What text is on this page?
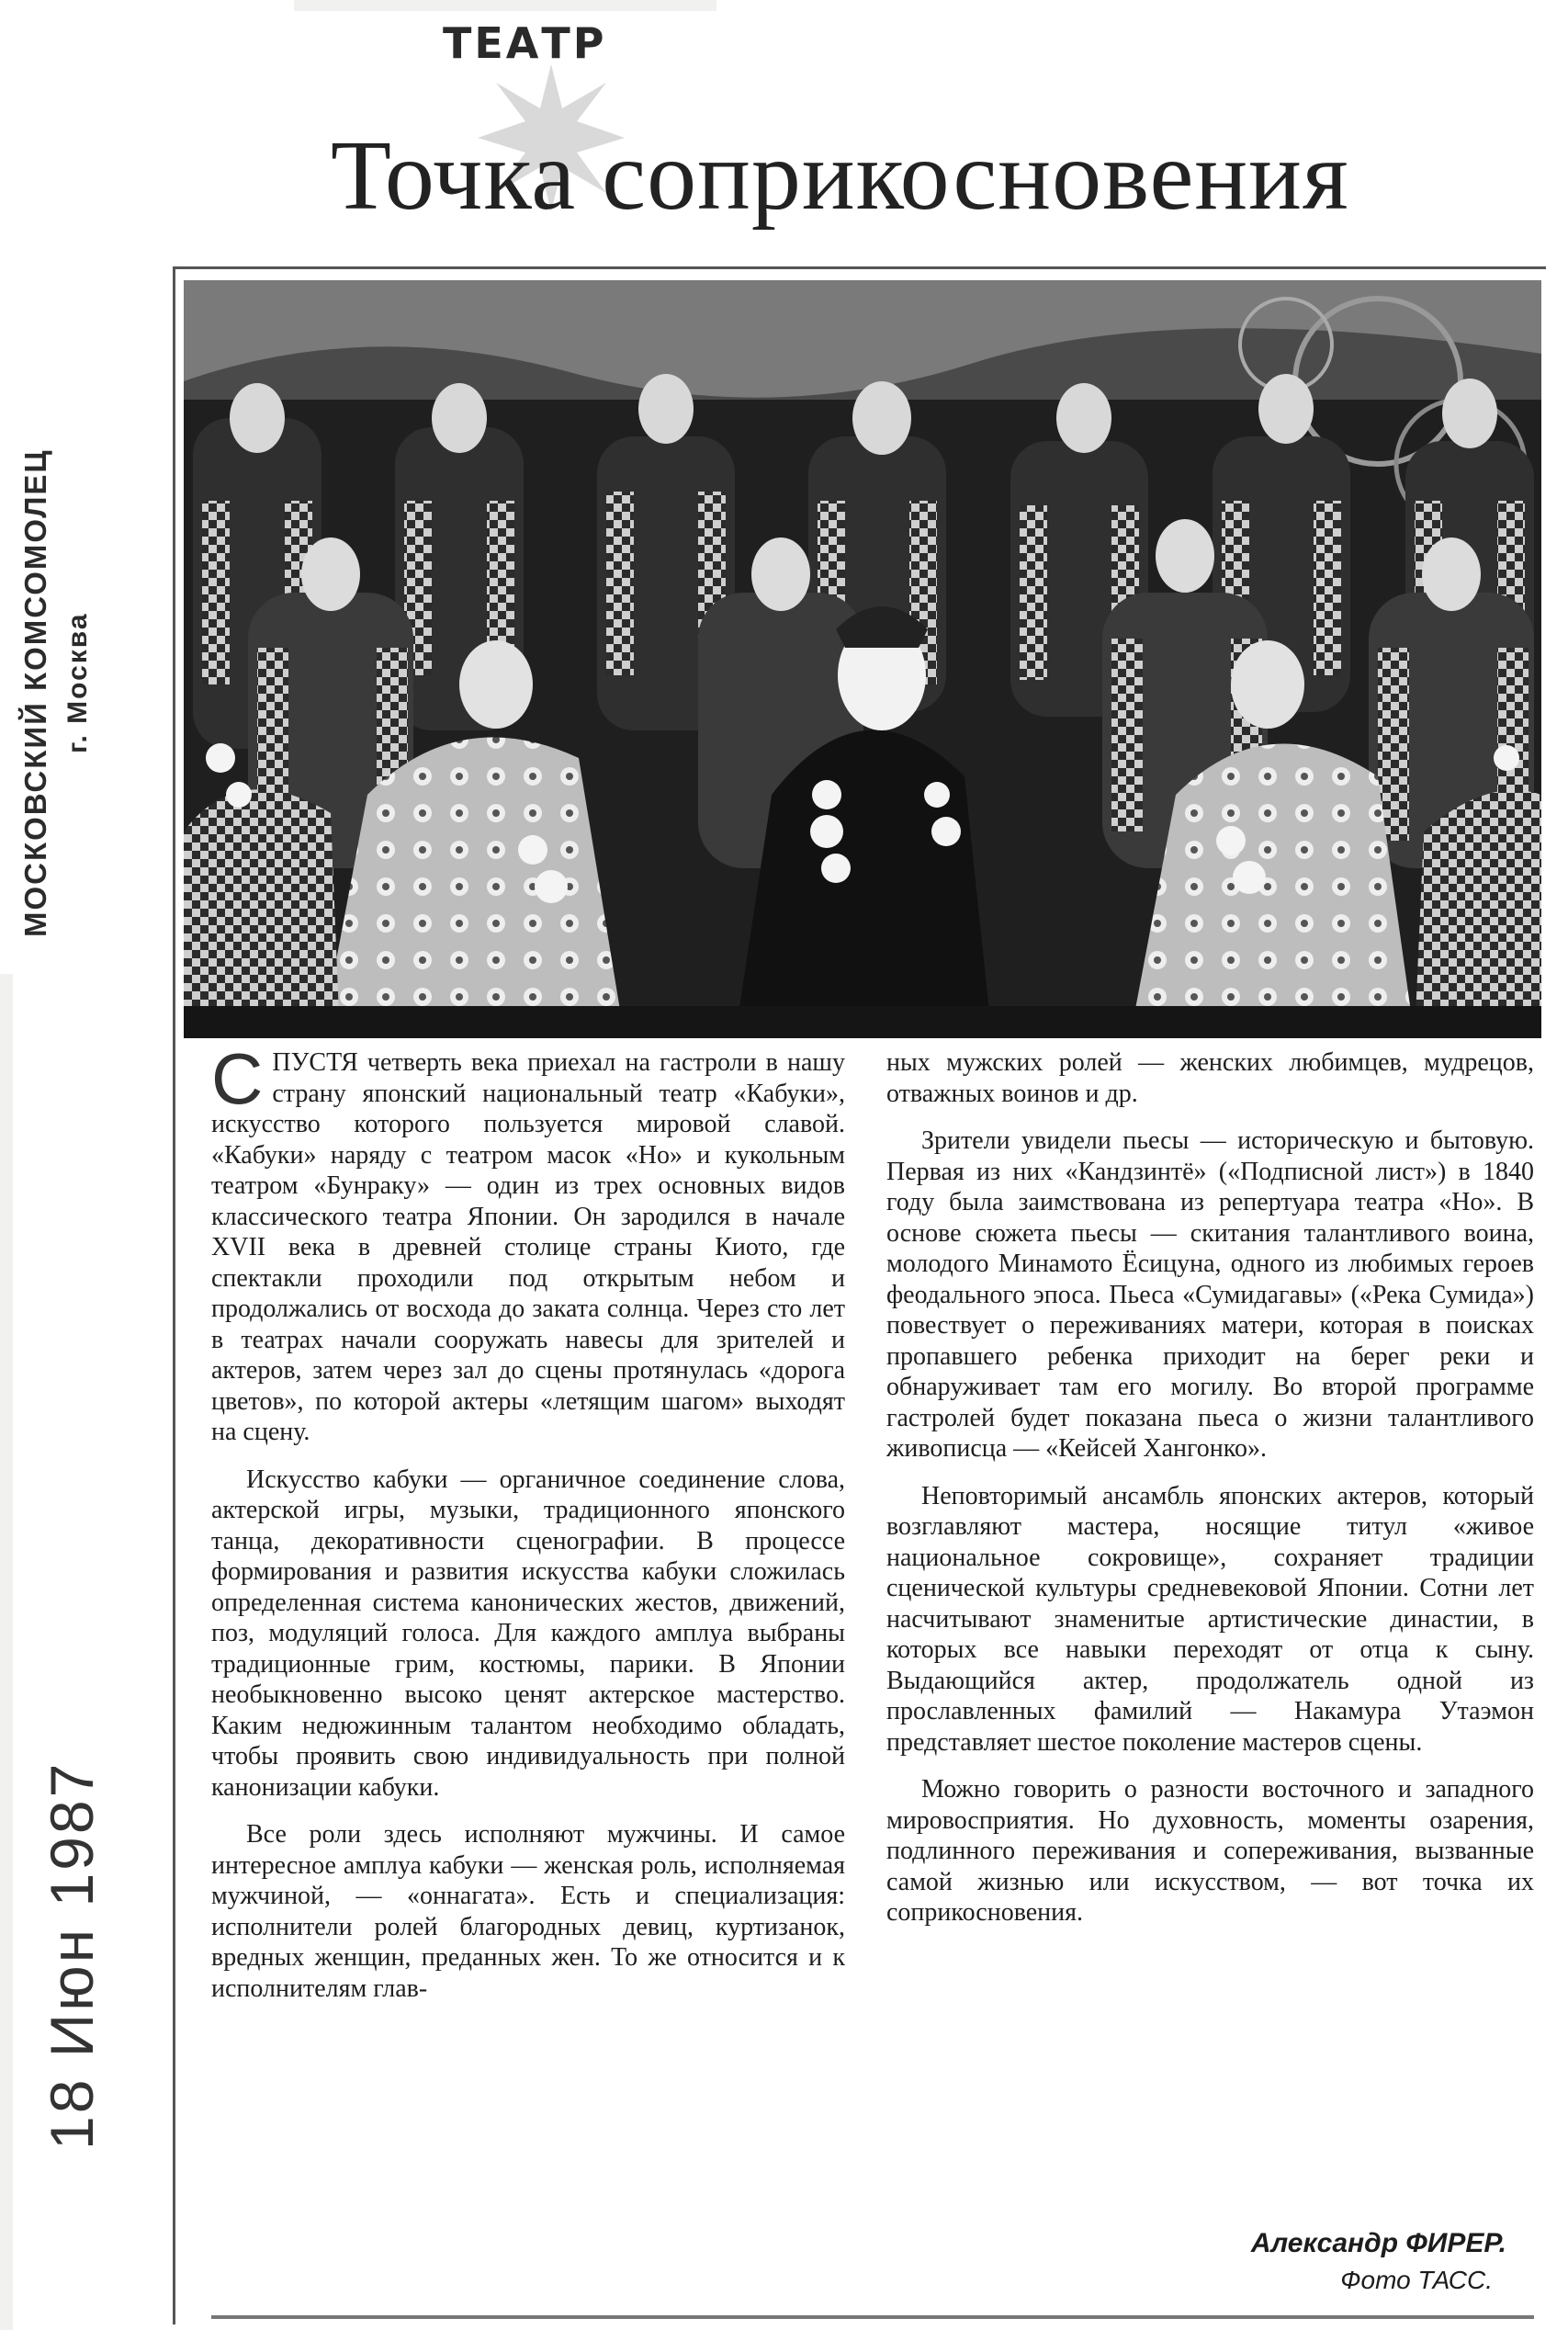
МОСКОВСКИЙ КОМСОМОЛЕЦ г. Москва
18 Июн 1987
ТЕАТР
Точка соприкосновения

С ПУСТЯ четверть века приехал на гастроли в нашу страну японский национальный театр «Кабуки», искусство которого пользуется мировой славой. «Кабуки» наряду с театром масок «Но» и кукольным театром «Бунраку» — один из трех основных видов классического театра Японии. Он зародился в начале XVII века в древней столице страны Киото, где спектакли проходили под открытым небом и продолжались от восхода до заката солнца. Через сто лет в театрах начали сооружать навесы для зрителей и актеров, затем через зал до сцены протянулась «дорога цветов», по которой актеры «летящим шагом» выходят на сцену.

Искусство кабуки — органичное соединение слова, актерской игры, музыки, традиционного японского танца, декоративности сценографии. В процессе формирования и развития искусства кабуки сложилась определенная система канонических жестов, движений, поз, модуляций голоса. Для каждого амплуа выбраны традиционные грим, костюмы, парики. В Японии необыкновенно высоко ценят актерское мастерство. Каким недюжинным талантом необходимо обладать, чтобы проявить свою индивидуальность при полной канонизации кабуки.

Все роли здесь исполняют мужчины. И самое интересное амплуа кабуки — женская роль, исполняемая мужчиной, — «оннагата». Есть и специализация: исполнители ролей благородных девиц, куртизанок, вредных женщин, преданных жен. То же относится и к исполнителям глав-

ных мужских ролей — женских любимцев, мудрецов, отважных воинов и др.

Зрители увидели пьесы — историческую и бытовую. Первая из них «Кандзинтё» («Подписной лист») в 1840 году была заимствована из репертуара театра «Но». В основе сюжета пьесы — скитания талантливого воина, молодого Минамото Ёсицуна, одного из любимых героев феодального эпоса. Пьеса «Сумидагавы» («Река Сумида») повествует о переживаниях матери, которая в поисках пропавшего ребенка приходит на берег реки и обнаруживает там его могилу. Во второй программе гастролей будет показана пьеса о жизни талантливого живописца — «Кейсей Хангонко».

Неповторимый ансамбль японских актеров, который возглавляют мастера, носящие титул «живое национальное сокровище», сохраняет традиции сценической культуры средневековой Японии. Сотни лет насчитывают знаменитые артистические династии, в которых все навыки переходят от отца к сыну. Выдающийся актер, продолжатель одной из прославленных фамилий — Накамура Утаэмон представляет шестое поколение мастеров сцены.

Можно говорить о разности восточного и западного мировосприятия. Но духовность, моменты озарения, подлинного переживания и сопереживания, вызванные самой жизнью или искусством, — вот точка их соприкосновения.

Александр ФИРЕР.
Фото ТАСС.
